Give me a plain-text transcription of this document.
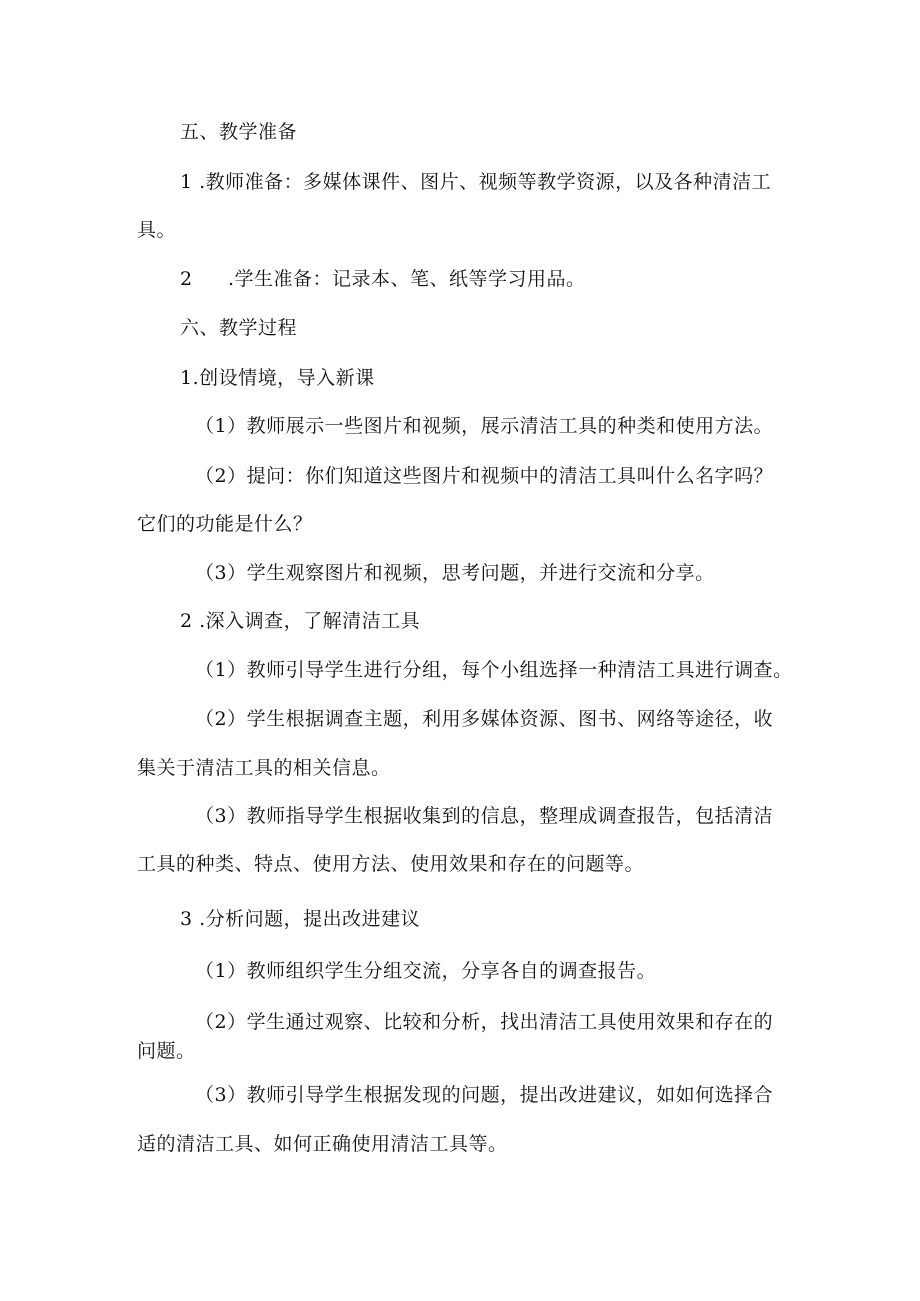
五、教学准备
1 .教师准备：多媒体课件、图片、视频等教学资源，以及各种清洁工
具。
2 .学生准备：记录本、笔、纸等学习用品。
六、教学过程
1.创设情境，导入新课
（1）教师展示一些图片和视频，展示清洁工具的种类和使用方法。
（2）提问：你们知道这些图片和视频中的清洁工具叫什么名字吗？
它们的功能是什么？
（3）学生观察图片和视频，思考问题，并进行交流和分享。
2 .深入调查，了解清洁工具
（1）教师引导学生进行分组，每个小组选择一种清洁工具进行调查。
（2）学生根据调查主题，利用多媒体资源、图书、网络等途径，收
集关于清洁工具的相关信息。
（3）教师指导学生根据收集到的信息，整理成调查报告，包括清洁
工具的种类、特点、使用方法、使用效果和存在的问题等。
3 .分析问题，提出改进建议
（1）教师组织学生分组交流，分享各自的调查报告。
（2）学生通过观察、比较和分析，找出清洁工具使用效果和存在的
问题。
（3）教师引导学生根据发现的问题，提出改进建议，如如何选择合
适的清洁工具、如何正确使用清洁工具等。
